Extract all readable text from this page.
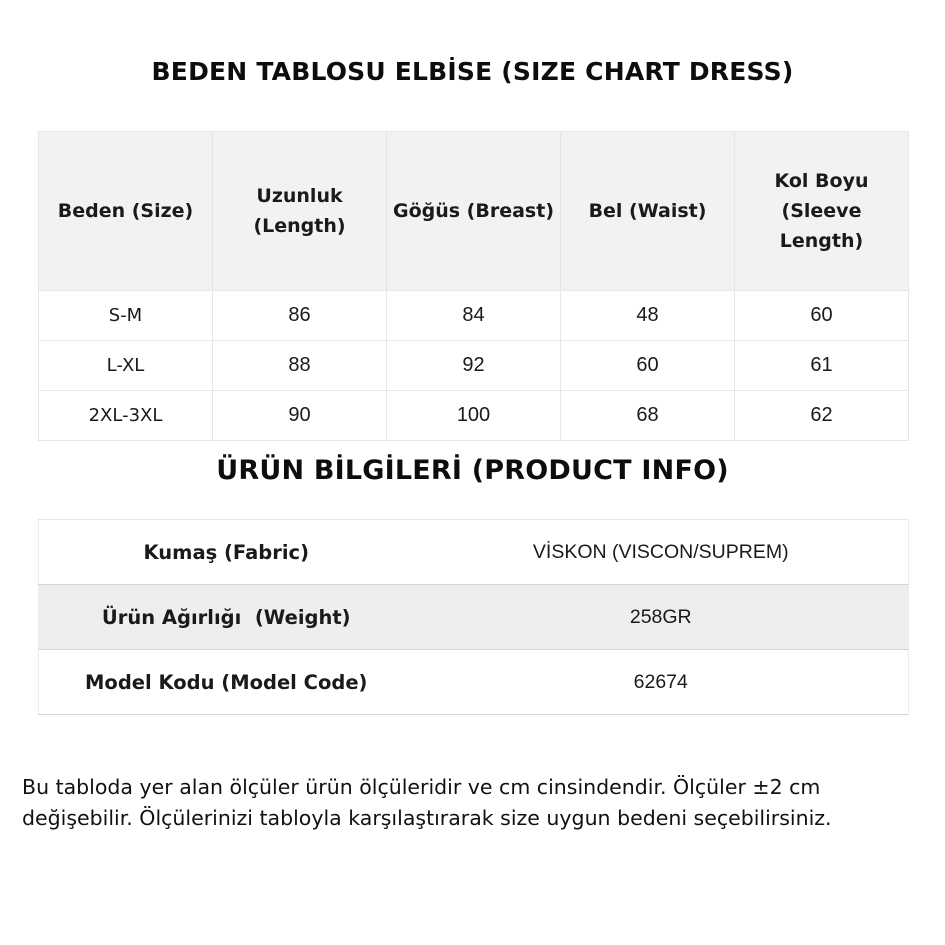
BEDEN TABLOSU ELBİSE (SIZE CHART DRESS)
Beden (Size)	Uzunluk (Length)	Göğüs (Breast)	Bel (Waist)	Kol Boyu (Sleeve Length)

S-M	86	84	48	60
L-XL	88	92	60	61
2XL-3XL	90	100	68	62
ÜRÜN BİLGİLERİ (PRODUCT INFO)
Kumaş (Fabric)	VİSKON (VISCON/SUPREM)
Ürün Ağırlığı  (Weight)	258GR
Model Kodu (Model Code)	62674

Bu tabloda yer alan ölçüler ürün ölçüleridir ve cm cinsindendir. Ölçüler ±2 cm
değişebilir. Ölçülerinizi tabloyla karşılaştırarak size uygun bedeni seçebilirsiniz.
